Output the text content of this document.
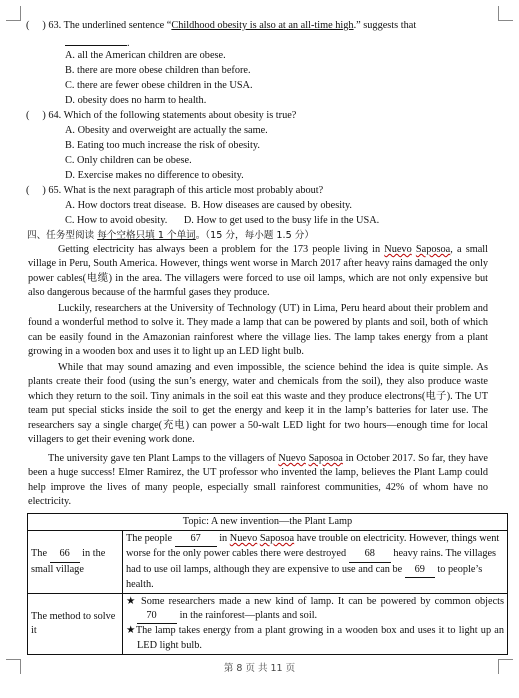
( ) 63. The underlined sentence “Childhood obesity is also at an all-time high.” suggests that
.
A. all the American children are obese.
B. there are more obese children than before.
C. there are fewer obese children in the USA.
D. obesity does no harm to health.
( ) 64. Which of the following statements about obesity is true?
A. Obesity and overweight are actually the same.
B. Eating too much increase the risk of obesity.
C. Only children can be obese.
D. Exercise makes no difference to obesity.
( ) 65. What is the next paragraph of this article most probably about?
A. How doctors treat disease. B. How diseases are caused by obesity.
C. How to avoid obesity. D. How to get used to the busy life in the USA.
四、任务型阅读 每个空格只填 1 个单词。（15 分，每小题 1.5 分）
Getting electricity has always been a problem for the 173 people living in Nuevo Saposoa, a small village in Peru, South America. However, things went worse in March 2017 after heavy rains damaged the only power cables(电缆) in the area. The villagers were forced to use oil lamps, which are not only expensive but also dangerous because of the harmful gases they produce.
Luckily, researchers at the University of Technology (UT) in Lima, Peru heard about their problem and found a wonderful method to solve it. They made a lamp that can be powered by plants and soil, both of which can be easily found in the Amazonian rainforest where the village lies. The lamp takes energy from a plant growing in a wooden box and uses it to light up an LED light bulb.
While that may sound amazing and even impossible, the science behind the idea is quite simple. As plants create their food (using the sun’s energy, water and chemicals from the soil), they also produce waste which they return to the soil. Tiny animals in the soil eat this waste and they produce electrons(电子). The UT team put special sticks inside the soil to get the energy and keep it in the lamp’s batteries for later use. The researchers say a single charge(充电) can power a 50-walt LED light for two hours—enough time for local villagers to get their evening work done.
The university gave ten Plant Lamps to the villagers of Nuevo Saposoa in October 2017. So far, they have been a huge success! Elmer Ramirez, the UT professor who invented the lamp, believes the Plant Lamp could help improve the lives of many people, especially small rainforest communities, 42% of whom have no electricity.
Topic: A new invention—the Plant Lamp	
The 66 in the small village	The people 67 in Nuevo Saposoa have trouble on electricity. However, things went worse for the only power cables there were destroyed 68 heavy rains. The villages had to use oil lamps, although they are expensive to use and can be 69 to people’s health.
The method to solve it	★ Some researchers made a new kind of lamp. It can be powered by common objects 70 in the rainforest—plants and soil.
★The lamp takes energy from a plant growing in a wooden box and uses it to light up an LED light bulb.
第 8 页 共 11 页
